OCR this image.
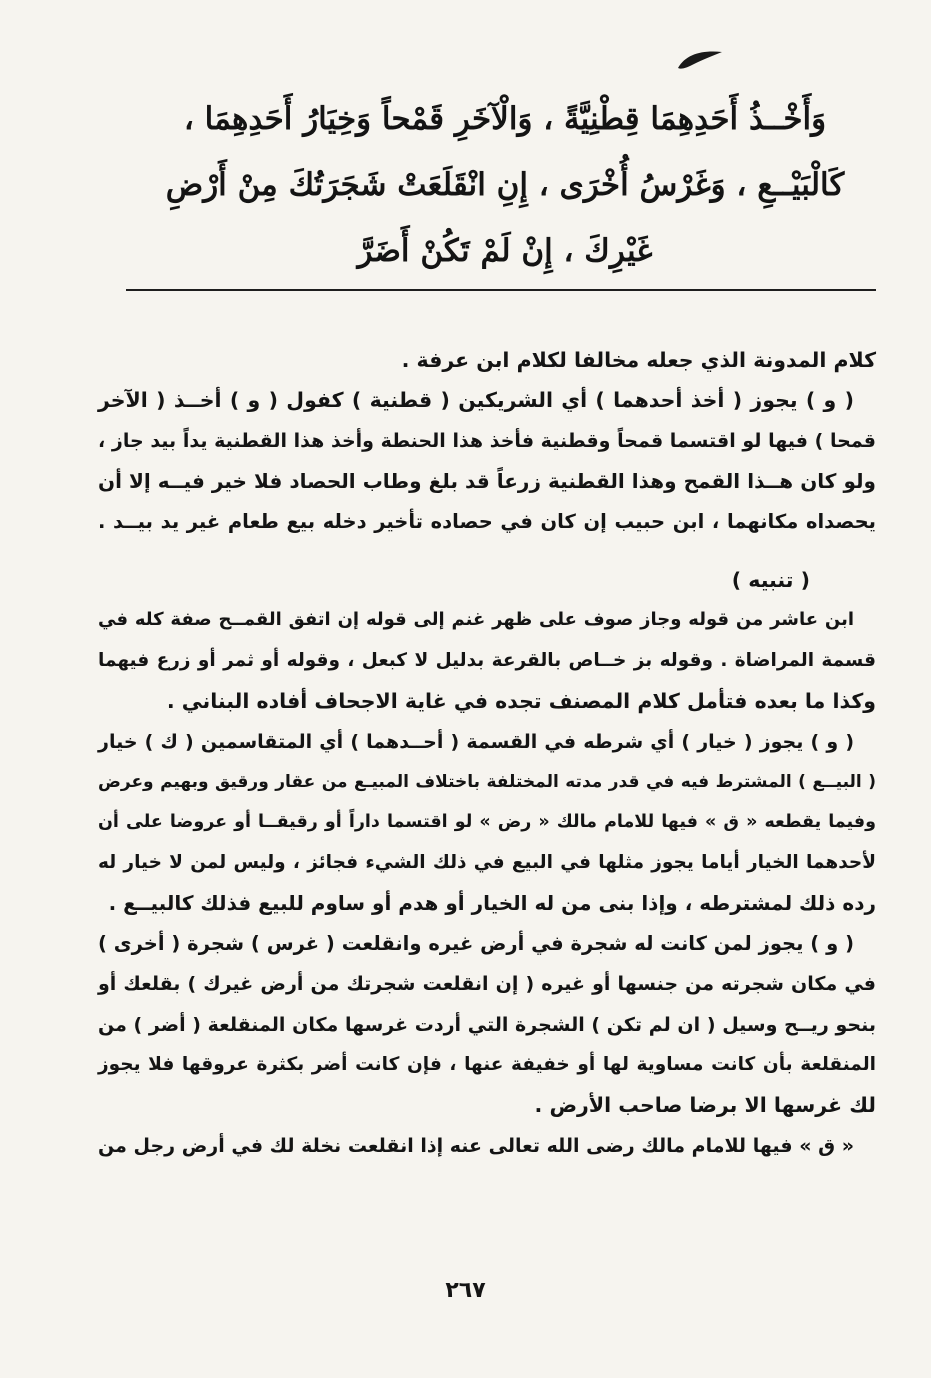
وَأَخْــذُ أَحَدِهِمَا قِطْنِيَّةً ، وَالْآخَرِ قَمْحاً وَخِيَارُ أَحَدِهِمَا ،
كَالْبَيْــعِ ، وَغَرْسُ أُخْرَى ، إِنِ انْقَلَعَتْ شَجَرَتُكَ مِنْ أَرْضِ
غَيْرِكَ ، إِنْ لَمْ تَكُنْ أَضَرَّ
كلام المدونة الذي جعله مخالفا لكلام ابن عرفة .
( و ) يجوز ( أخذ أحدهما ) أي الشريكين ( قطنية ) كفول ( و ) أخــذ ( الآخر
قمحا ) فيها لو اقتسما قمحاً وقطنية فأخذ هذا الحنطة وأخذ هذا القطنية يداً بيد جاز ،
ولو كان هــذا القمح وهذا القطنية زرعاً قد بلغ وطاب الحصاد فلا خير فيــه إلا أن
يحصداه مكانهما ، ابن حبيب إن كان في حصاده تأخير دخله بيع طعام غير يد بيــد .
( تنبيه )
ابن عاشر من قوله وجاز صوف على ظهر غنم إلى قوله إن اتفق القمــح صفة كله في
قسمة المراضاة . وقوله بز خــاص بالقرعة بدليل لا كبعل ، وقوله أو ثمر أو زرع فيهما
وكذا ما بعده فتأمل كلام المصنف تجده في غاية الاجحاف أفاده البناني .
( و ) يجوز ( خيار ) أي شرطه في القسمة ( أحــدهما ) أي المتقاسمين ( ك ) خيار
( البيــع ) المشترط فيه في قدر مدته المختلفة باختلاف المبيـع من عقار ورقيق وبهيم وعرض
وفيما يقطعه « ق » فيها للامام مالك « رض » لو اقتسما داراً أو رقيقــا أو عروضا على أن
لأحدهما الخيار أياما يجوز مثلها في البيع في ذلك الشيء فجائز ، وليس لمن لا خيار له
رده ذلك لمشترطه ، وإذا بنى من له الخيار أو هدم أو ساوم للبيع فذلك كالبيــع .
( و ) يجوز لمن كانت له شجرة في أرض غيره وانقلعت ( غرس ) شجرة ( أخرى )
في مكان شجرته من جنسها أو غيره ( إن انقلعت شجرتك من أرض غيرك ) بقلعك أو
بنحو ريــح وسيل ( ان لم تكن ) الشجرة التي أردت غرسها مكان المنقلعة ( أضر ) من
المنقلعة بأن كانت مساوية لها أو خفيفة عنها ، فإن كانت أضر بكثرة عروقها فلا يجوز
لك غرسها الا برضا صاحب الأرض .
« ق » فيها للامام مالك رضى الله تعالى عنه إذا انقلعت نخلة لك في أرض رجل من
٢٦٧
